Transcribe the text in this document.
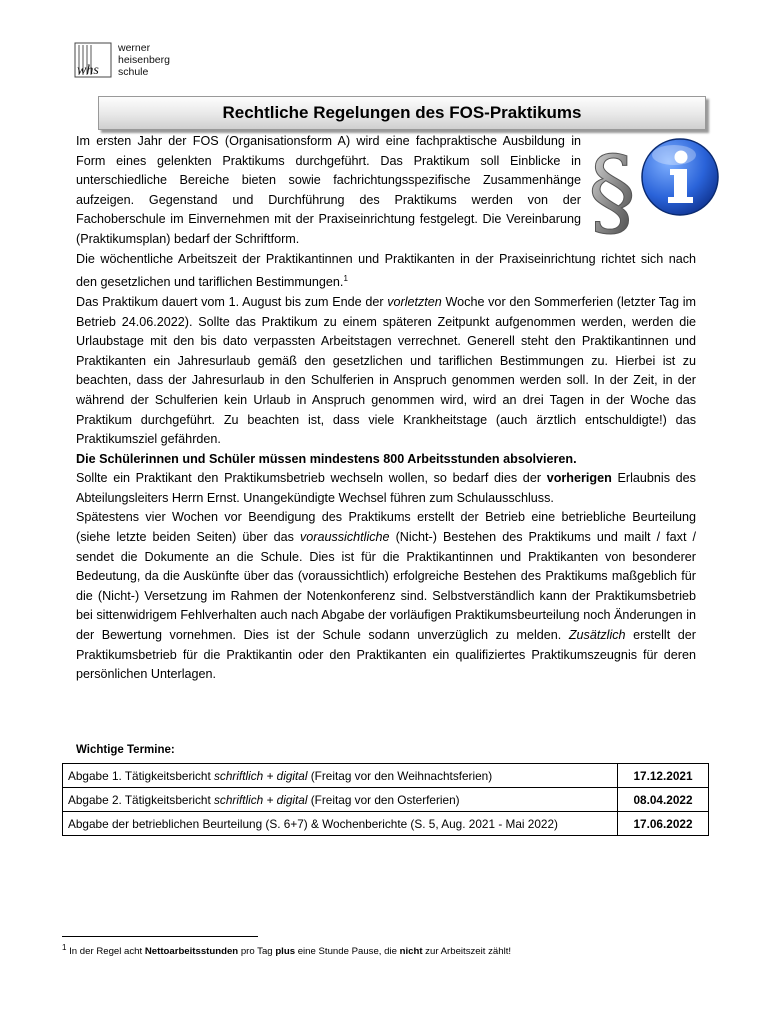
whs
werner
heisenberg
schule
Rechtliche Regelungen des FOS-Praktikums
§

Im ersten Jahr der FOS (Organisationsform A) wird eine fachpraktische Ausbildung in Form eines gelenkten Praktikums durchgeführt. Das Praktikum soll Einblicke in unterschiedliche Bereiche bieten sowie fachrichtungsspezifische Zusammenhänge aufzeigen. Gegenstand und Durchführung des Praktikums werden von der Fachoberschule im Einvernehmen mit der Praxiseinrichtung festgelegt. Die Vereinbarung (Praktikumsplan) bedarf der Schriftform.

Die wöchentliche Arbeitszeit der Praktikantinnen und Praktikanten in der Praxiseinrichtung richtet sich nach den gesetzlichen und tariflichen Bestimmungen.$^1$

Das Praktikum dauert vom 1. August bis zum Ende der vorletzten Woche vor den Sommerferien (letzter Tag im Betrieb 24.06.2022). Sollte das Praktikum zu einem späteren Zeitpunkt aufgenommen werden, werden die Urlaubstage mit den bis dato verpassten Arbeitstagen verrechnet. Generell steht den Praktikantinnen und Praktikanten ein Jahresurlaub gemäß den gesetzlichen und tariflichen Bestimmungen zu. Hierbei ist zu beachten, dass der Jahresurlaub in den Schulferien in Anspruch genommen werden soll. In der Zeit, in der während der Schulferien kein Urlaub in Anspruch genommen wird, wird an drei Tagen in der Woche das Praktikum durchgeführt. Zu beachten ist, dass viele Krankheitstage (auch ärztlich entschuldigte!) das Praktikumsziel gefährden.

Die Schülerinnen und Schüler müssen mindestens 800 Arbeitsstunden absolvieren.

Sollte ein Praktikant den Praktikumsbetrieb wechseln wollen, so bedarf dies der vorherigen Erlaubnis des Abteilungsleiters Herrn Ernst. Unangekündigte Wechsel führen zum Schulausschluss.

Spätestens vier Wochen vor Beendigung des Praktikums erstellt der Betrieb eine betriebliche Beurteilung (siehe letzte beiden Seiten) über das voraussichtliche (Nicht-) Bestehen des Praktikums und mailt / faxt / sendet die Dokumente an die Schule. Dies ist für die Praktikantinnen und Praktikanten von besonderer Bedeutung, da die Auskünfte über das (voraussichtlich) erfolgreiche Bestehen des Praktikums maßgeblich für die (Nicht-) Versetzung im Rahmen der Notenkonferenz sind. Selbstverständlich kann der Praktikumsbetrieb bei sittenwidrigem Fehlverhalten auch nach Abgabe der vorläufigen Praktikumsbeurteilung noch Änderungen in der Bewertung vornehmen. Dies ist der Schule sodann unverzüglich zu melden. Zusätzlich erstellt der Praktikumsbetrieb für die Praktikantin oder den Praktikanten ein qualifiziertes Praktikumszeugnis für deren persönlichen Unterlagen.

Wichtige Termine:
Abgabe 1. Tätigkeitsbericht schriftlich + digital (Freitag vor den Weihnachtsferien)	17.12.2021
Abgabe 2. Tätigkeitsbericht schriftlich + digital (Freitag vor den Osterferien)	08.04.2022
Abgabe der betrieblichen Beurteilung (S. 6+7) & Wochenberichte (S. 5, Aug. 2021 - Mai 2022)	17.06.2022
$^1$ In der Regel acht Nettoarbeitsstunden pro Tag plus eine Stunde Pause, die nicht zur Arbeitszeit zählt!
